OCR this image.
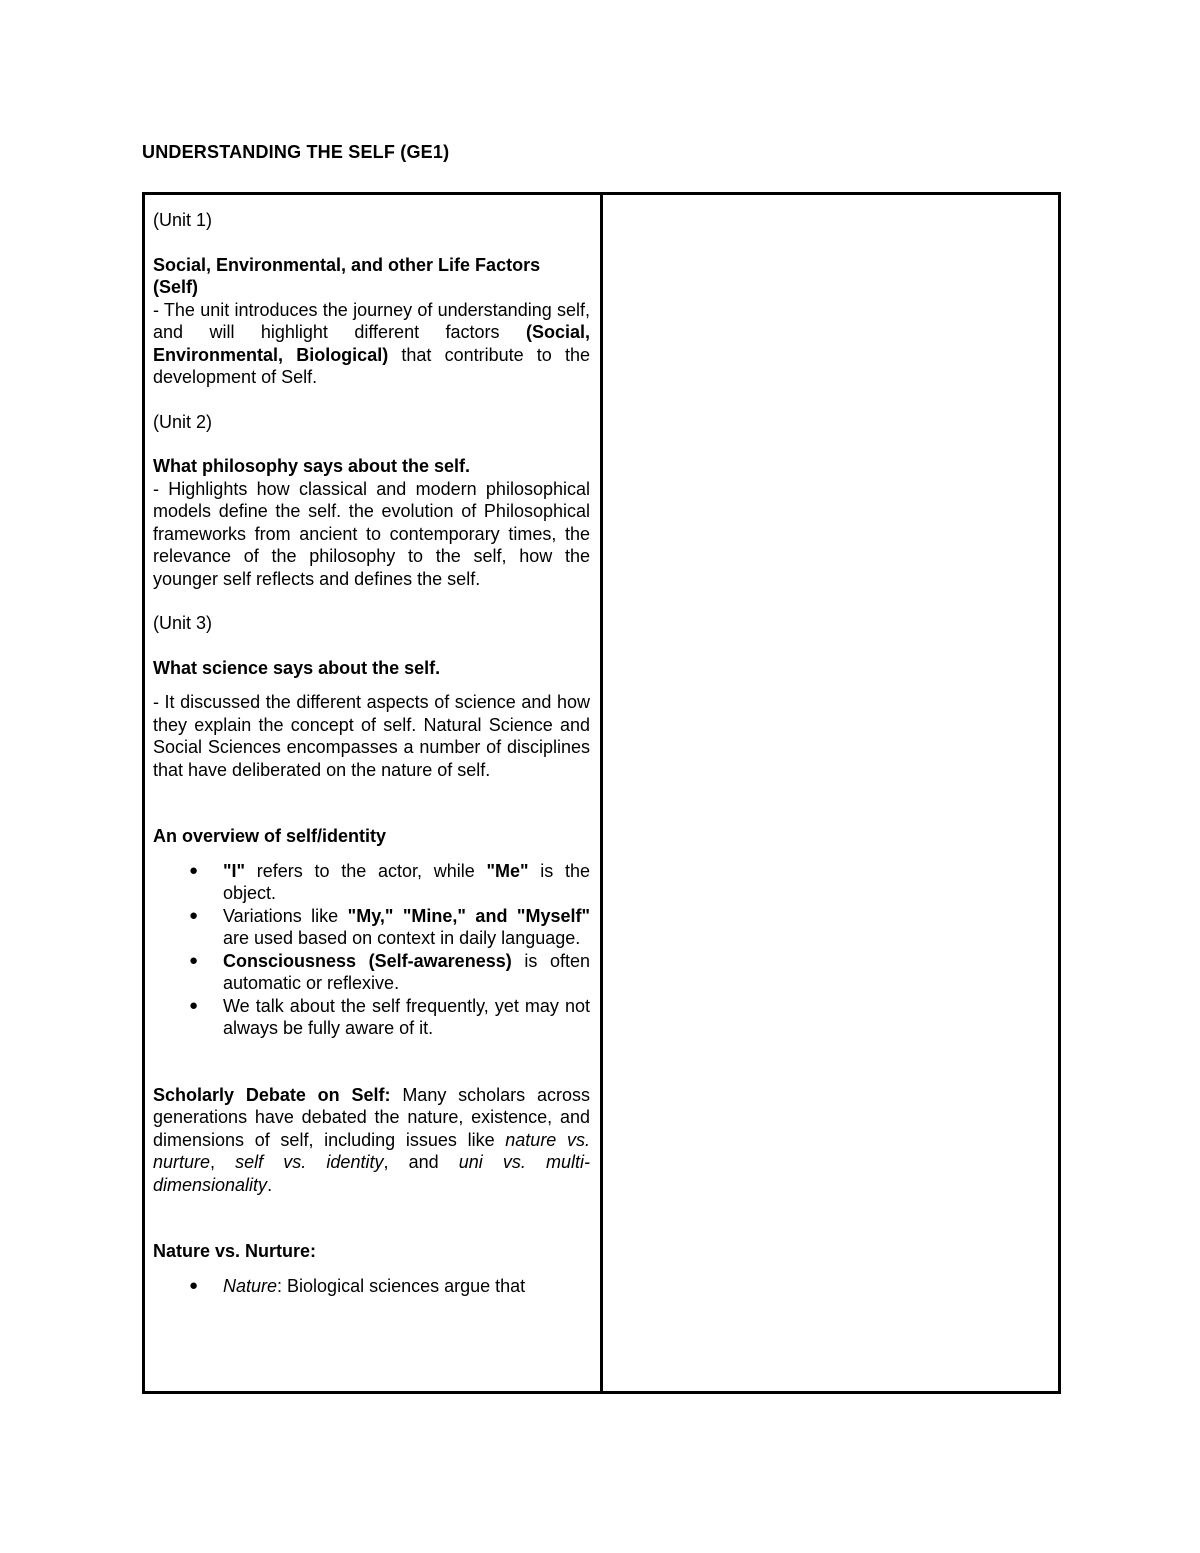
UNDERSTANDING THE SELF (GE1)

(Unit 1)

Social, Environmental, and other Life Factors
(Self)

- The unit introduces the journey of understanding self, and will highlight different factors (Social, Environmental, Biological) that contribute to the development of Self.

(Unit 2)

What philosophy says about the self.

- Highlights how classical and modern philosophical models define the self. the evolution of Philosophical frameworks from ancient to contemporary times, the relevance of the philosophy to the self, how the younger self reflects and defines the self.

(Unit 3)

What science says about the self.

- It discussed the different aspects of science and how they explain the concept of self. Natural Science and Social Sciences encompasses a number of disciplines that have deliberated on the nature of self.

An overview of self/identity

● "I" refers to the actor, while "Me" is the object.
● Variations like "My," "Mine," and "Myself" are used based on context in daily language.
● Consciousness (Self-awareness) is often automatic or reflexive.
● We talk about the self frequently, yet may not always be fully aware of it.

Scholarly Debate on Self: Many scholars across generations have debated the nature, existence, and dimensions of self, including issues like nature vs. nurture, self vs. identity, and uni vs. multi-dimensionality.

Nature vs. Nurture:

● Nature: Biological sciences argue that
